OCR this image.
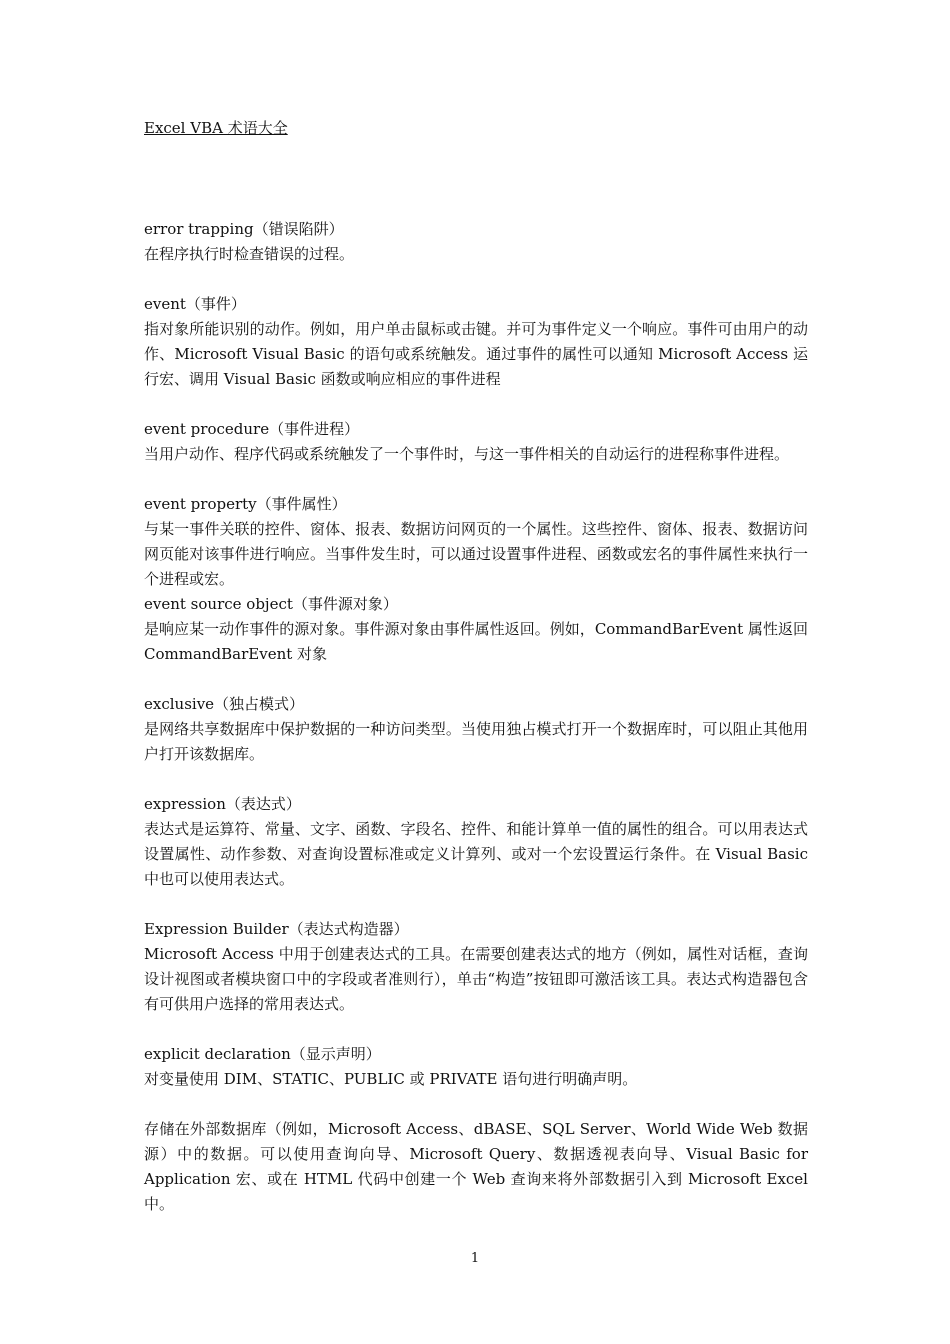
Excel VBA 术语大全
error trapping（错误陷阱）
在程序执行时检查错误的过程。
event（事件）
指对象所能识别的动作。例如，用户单击鼠标或击键。并可为事件定义一个响应。事件可由用户的动作、Microsoft Visual Basic 的语句或系统触发。通过事件的属性可以通知 Microsoft Access 运行宏、调用 Visual Basic 函数或响应相应的事件进程
event procedure（事件进程）
当用户动作、程序代码或系统触发了一个事件时，与这一事件相关的自动运行的进程称事件进程。
event property（事件属性）
与某一事件关联的控件、窗体、报表、数据访问网页的一个属性。这些控件、窗体、报表、数据访问网页能对该事件进行响应。当事件发生时，可以通过设置事件进程、函数或宏名的事件属性来执行一个进程或宏。
event source object（事件源对象）
是响应某一动作事件的源对象。事件源对象由事件属性返回。例如，CommandBarEvent 属性返回 CommandBarEvent 对象
exclusive（独占模式）
是网络共享数据库中保护数据的一种访问类型。当使用独占模式打开一个数据库时，可以阻止其他用户打开该数据库。
expression（表达式）
表达式是运算符、常量、文字、函数、字段名、控件、和能计算单一值的属性的组合。可以用表达式设置属性、动作参数、对查询设置标准或定义计算列、或对一个宏设置运行条件。在 Visual Basic 中也可以使用表达式。
Expression Builder（表达式构造器）
Microsoft Access 中用于创建表达式的工具。在需要创建表达式的地方（例如，属性对话框，查询设计视图或者模块窗口中的字段或者准则行），单击“构造”按钮即可激活该工具。表达式构造器包含有可供用户选择的常用表达式。
explicit declaration（显示声明）
对变量使用 DIM、STATIC、PUBLIC 或 PRIVATE 语句进行明确声明。
存储在外部数据库（例如，Microsoft Access、dBASE、SQL Server、World Wide Web 数据源）中的数据。可以使用查询向导、Microsoft Query、数据透视表向导、Visual Basic for Application 宏、或在 HTML 代码中创建一个 Web 查询来将外部数据引入到 Microsoft Excel 中。
1
